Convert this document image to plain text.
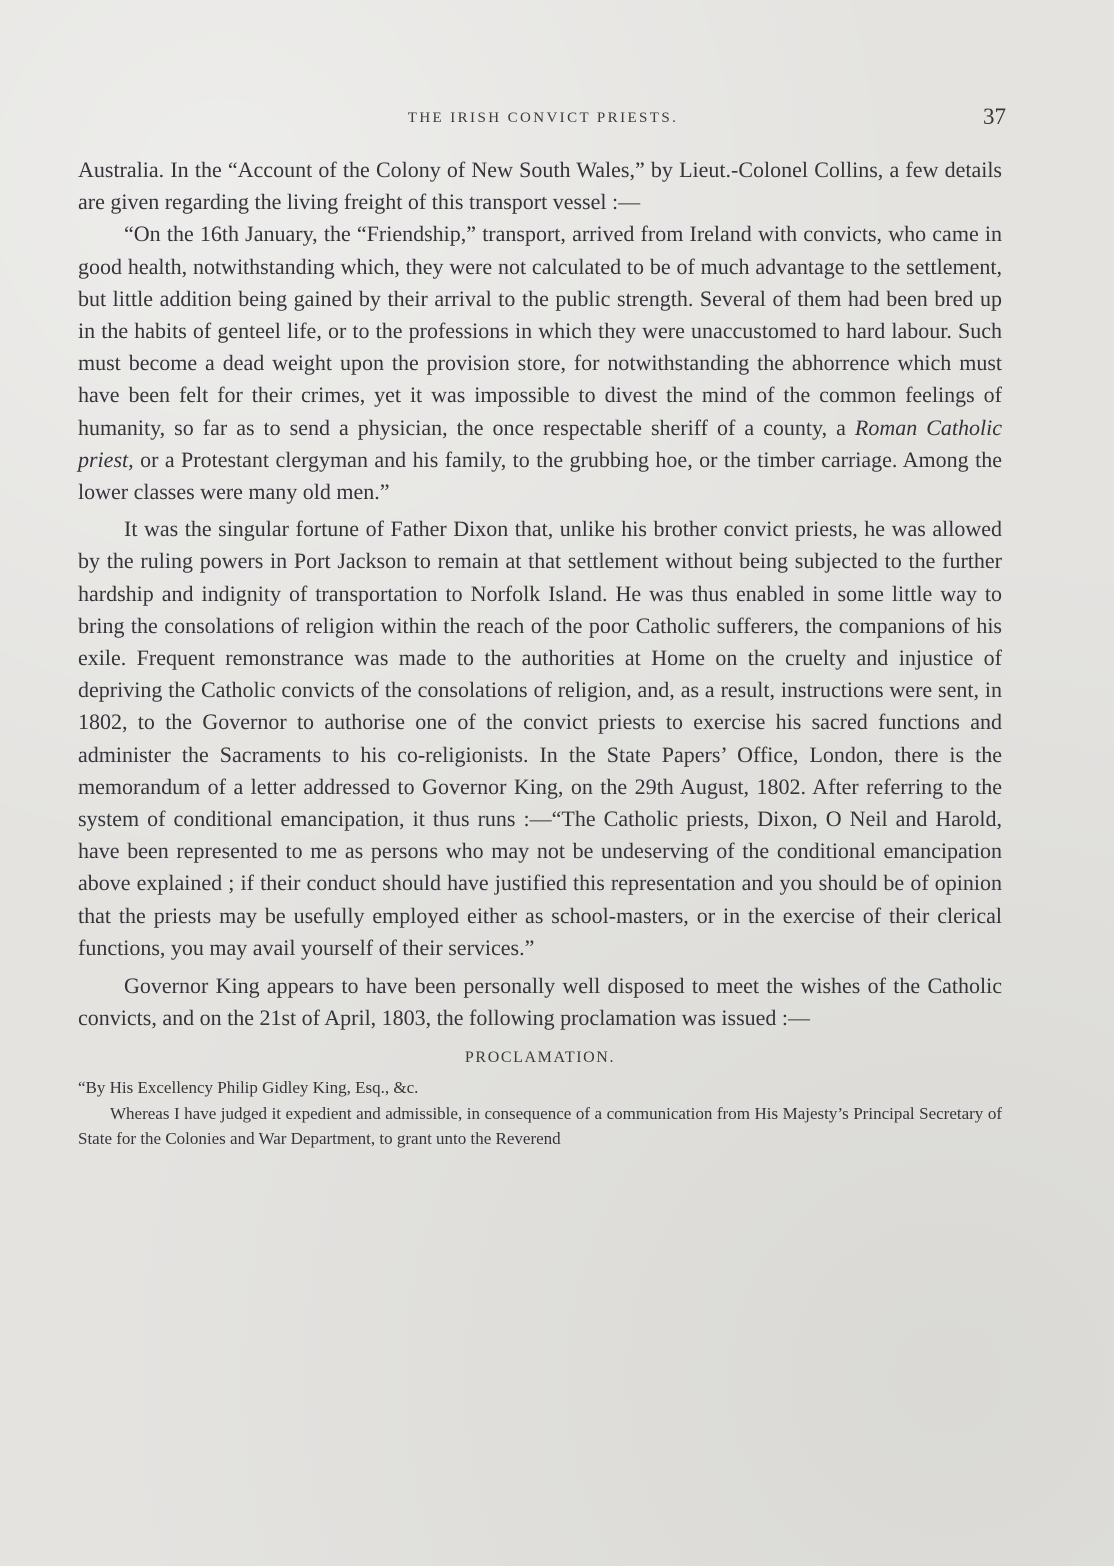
THE IRISH CONVICT PRIESTS.	37

Australia. In the “Account of the Colony of New South Wales,” by Lieut.-Colonel Collins, a few details are given regarding the living freight of this transport vessel :—

“On the 16th January, the “Friendship,” transport, arrived from Ireland with convicts, who came in good health, notwithstanding which, they were not calculated to be of much advantage to the settlement, but little addition being gained by their arrival to the public strength. Several of them had been bred up in the habits of genteel life, or to the professions in which they were unaccustomed to hard labour. Such must become a dead weight upon the provision store, for notwithstanding the abhorrence which must have been felt for their crimes, yet it was impossible to divest the mind of the common feelings of humanity, so far as to send a physician, the once respectable sheriff of a county, a Roman Catholic priest, or a Protestant clergyman and his family, to the grubbing hoe, or the timber carriage. Among the lower classes were many old men.”

It was the singular fortune of Father Dixon that, unlike his brother convict priests, he was allowed by the ruling powers in Port Jackson to remain at that settlement without being subjected to the further hardship and indignity of transportation to Norfolk Island. He was thus enabled in some little way to bring the consolations of religion within the reach of the poor Catholic sufferers, the companions of his exile. Frequent remonstrance was made to the authorities at Home on the cruelty and injustice of depriving the Catholic convicts of the consolations of religion, and, as a result, instructions were sent, in 1802, to the Governor to authorise one of the convict priests to exercise his sacred functions and administer the Sacraments to his co-religionists. In the State Papers’ Office, London, there is the memorandum of a letter addressed to Governor King, on the 29th August, 1802. After referring to the system of conditional emancipation, it thus runs :—“The Catholic priests, Dixon, O Neil and Harold, have been represented to me as persons who may not be undeserving of the conditional emancipation above explained ; if their conduct should have justified this representation and you should be of opinion that the priests may be usefully employed either as school-masters, or in the exercise of their clerical functions, you may avail yourself of their services.”

Governor King appears to have been personally well disposed to meet the wishes of the Catholic convicts, and on the 21st of April, 1803, the following proclamation was issued :—

PROCLAMATION.

“By His Excellency Philip Gidley King, Esq., &c.

Whereas I have judged it expedient and admissible, in consequence of a communication from His Majesty’s Principal Secretary of State for the Colonies and War Department, to grant unto the Reverend
